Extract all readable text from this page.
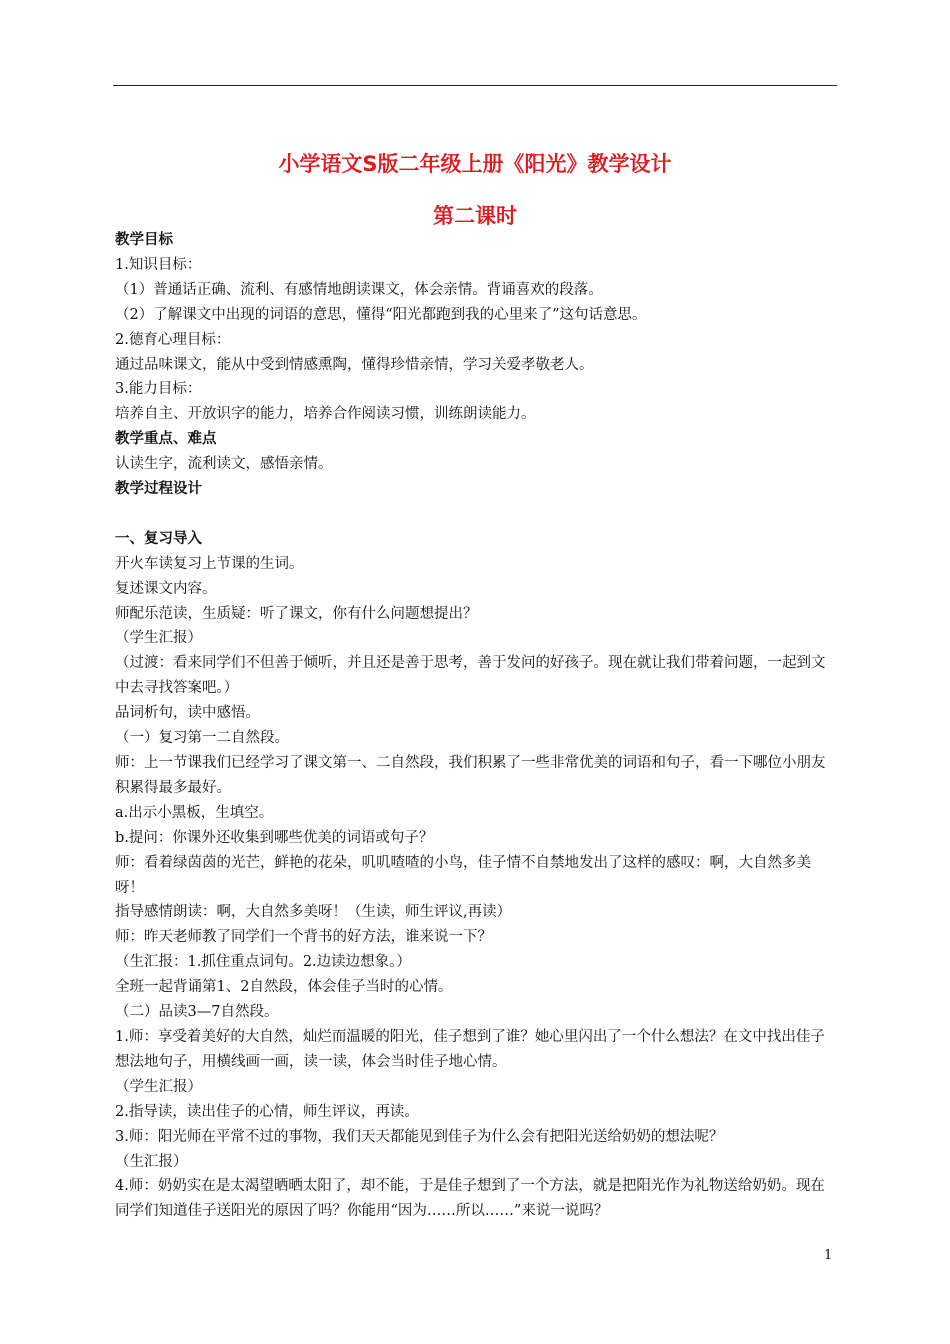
小学语文S版二年级上册《阳光》教学设计
第二课时

教学目标

1.知识目标：

（1）普通话正确、流利、有感情地朗读课文，体会亲情。背诵喜欢的段落。

（2）了解课文中出现的词语的意思，懂得“阳光都跑到我的心里来了”这句话意思。

2.德育心理目标：

通过品味课文，能从中受到情感熏陶，懂得珍惜亲情，学习关爱孝敬老人。

3.能力目标：

培养自主、开放识字的能力，培养合作阅读习惯，训练朗读能力。

教学重点、难点

认读生字，流利读文，感悟亲情。

教学过程设计

一、复习导入

开火车读复习上节课的生词。

复述课文内容。

师配乐范读，生质疑：听了课文，你有什么问题想提出？

（学生汇报）

（过渡：看来同学们不但善于倾听，并且还是善于思考，善于发问的好孩子。现在就让我们带着问题，一起到文中去寻找答案吧。）

品词析句，读中感悟。

（一）复习第一二自然段。

师：上一节课我们已经学习了课文第一、二自然段，我们积累了一些非常优美的词语和句子，看一下哪位小朋友积累得最多最好。

a.出示小黑板，生填空。

b.提问：你课外还收集到哪些优美的词语或句子？

师：看着绿茵茵的光芒，鲜艳的花朵，叽叽喳喳的小鸟，佳子情不自禁地发出了这样的感叹：啊，大自然多美呀！

指导感情朗读：啊，大自然多美呀！（生读，师生评议,再读）

师：昨天老师教了同学们一个背书的好方法，谁来说一下？

（生汇报：1.抓住重点词句。2.边读边想象。）

全班一起背诵第1、2自然段，体会佳子当时的心情。

（二）品读3—7自然段。

1.师：享受着美好的大自然，灿烂而温暖的阳光，佳子想到了谁？她心里闪出了一个什么想法？在文中找出佳子想法地句子，用横线画一画，读一读，体会当时佳子地心情。

（学生汇报）

2.指导读，读出佳子的心情，师生评议，再读。

3.师：阳光师在平常不过的事物，我们天天都能见到佳子为什么会有把阳光送给奶奶的想法呢？

（生汇报）

4.师：奶奶实在是太渴望晒晒太阳了，却不能，于是佳子想到了一个方法，就是把阳光作为礼物送给奶奶。现在同学们知道佳子送阳光的原因了吗？你能用“因为……所以……”来说一说吗？

1
